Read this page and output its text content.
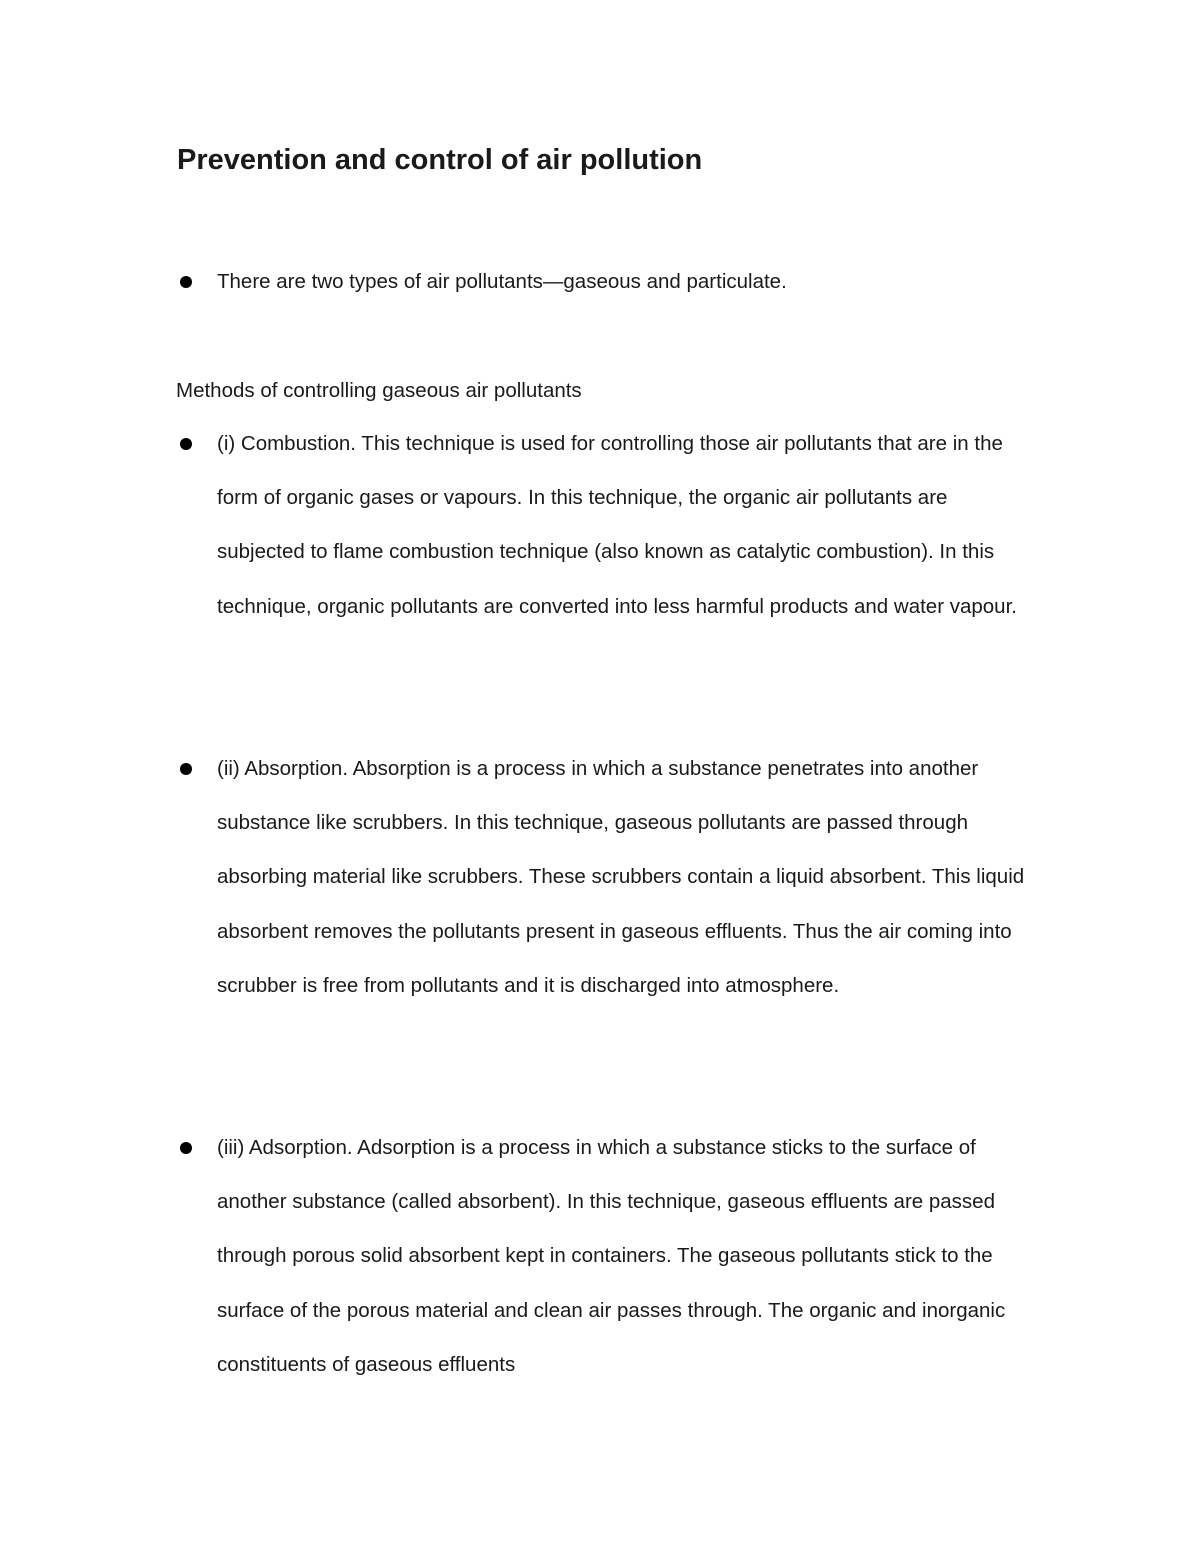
Prevention and control of air pollution

There are two types of air pollutants—gaseous and particulate.

Methods of controlling gaseous air pollutants

(i) Combustion. This technique is used for controlling those air pollutants that are in the form of organic gases or vapours. In this technique, the organic air pollutants are subjected to flame combustion technique (also known as catalytic combustion). In this technique, organic pollutants are converted into less harmful products and water vapour.

(ii) Absorption. Absorption is a process in which a substance penetrates into another substance like scrubbers. In this technique, gaseous pollutants are passed through absorbing material like scrubbers. These scrubbers contain a liquid absorbent. This liquid absorbent removes the pollutants present in gaseous effluents. Thus the air coming into scrubber is free from pollutants and it is discharged into atmosphere.

(iii) Adsorption. Adsorption is a process in which a substance sticks to the surface of another substance (called absorbent). In this technique, gaseous effluents are passed through porous solid absorbent kept in containers. The gaseous pollutants stick to the surface of the porous material and clean air passes through. The organic and inorganic constituents of gaseous effluents
